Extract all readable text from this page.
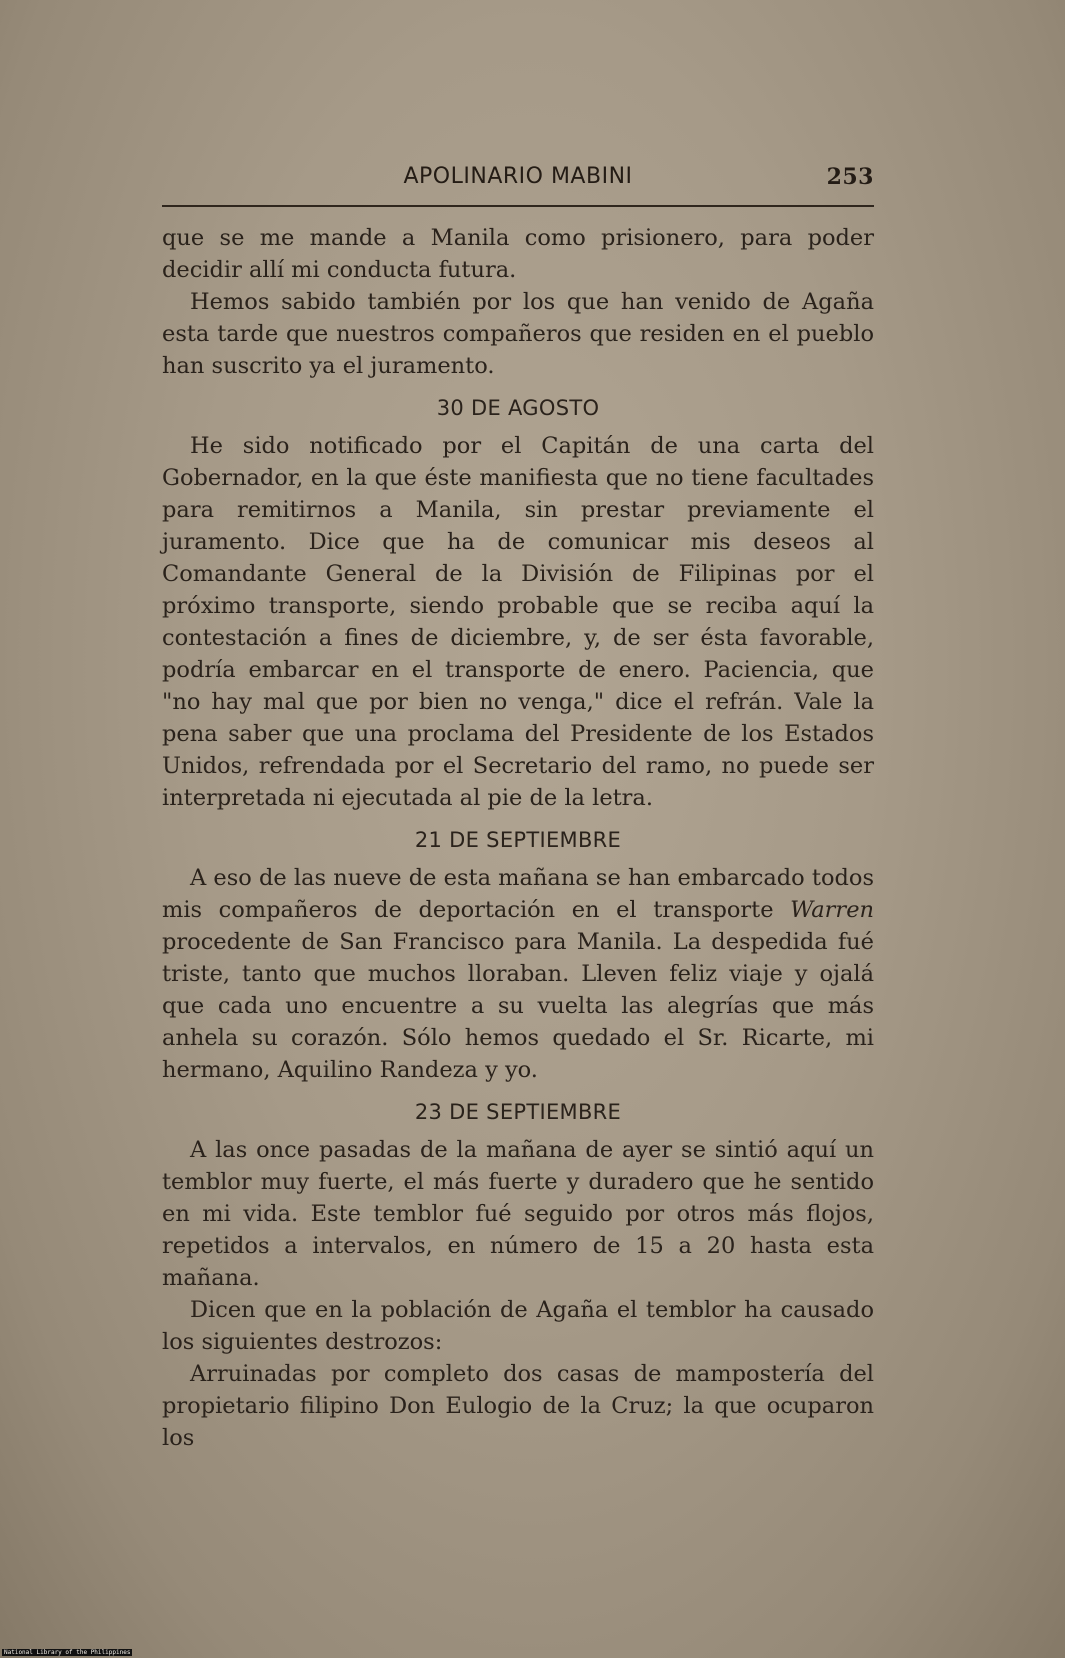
APOLINARIO MABINI	253

que se me mande a Manila como prisionero, para poder decidir allí mi conducta futura.

Hemos sabido también por los que han venido de Agaña esta tarde que nuestros compañeros que residen en el pueblo han suscrito ya el juramento.

30 DE AGOSTO

He sido notificado por el Capitán de una carta del Gobernador, en la que éste manifiesta que no tiene facultades para remitirnos a Manila, sin prestar previamente el juramento. Dice que ha de comunicar mis deseos al Comandante General de la División de Filipinas por el próximo transporte, siendo probable que se reciba aquí la contestación a fines de diciembre, y, de ser ésta favorable, podría embarcar en el transporte de enero. Paciencia, que "no hay mal que por bien no venga," dice el refrán. Vale la pena saber que una proclama del Presidente de los Estados Unidos, refrendada por el Secretario del ramo, no puede ser interpretada ni ejecutada al pie de la letra.

21 DE SEPTIEMBRE

A eso de las nueve de esta mañana se han embarcado todos mis compañeros de deportación en el transporte Warren procedente de San Francisco para Manila. La despedida fué triste, tanto que muchos lloraban. Lleven feliz viaje y ojalá que cada uno encuentre a su vuelta las alegrías que más anhela su corazón. Sólo hemos quedado el Sr. Ricarte, mi hermano, Aquilino Randeza y yo.

23 DE SEPTIEMBRE

A las once pasadas de la mañana de ayer se sintió aquí un temblor muy fuerte, el más fuerte y duradero que he sentido en mi vida. Este temblor fué seguido por otros más flojos, repetidos a intervalos, en número de 15 a 20 hasta esta mañana.

Dicen que en la población de Agaña el temblor ha causado los siguientes destrozos:

Arruinadas por completo dos casas de mampostería del propietario filipino Don Eulogio de la Cruz; la que ocuparon los

National Library of the Philippines
